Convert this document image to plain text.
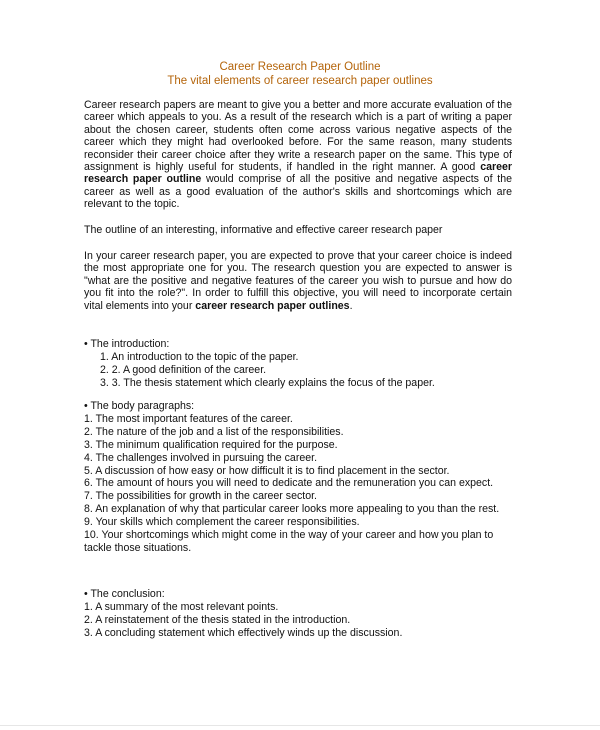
Career Research Paper Outline
The vital elements of career research paper outlines

Career research papers are meant to give you a better and more accurate evaluation of the career which appeals to you. As a result of the research which is a part of writing a paper about the chosen career, students often come across various negative aspects of the career which they might had overlooked before. For the same reason, many students reconsider their career choice after they write a research paper on the same. This type of assignment is highly useful for students, if handled in the right manner. A good career research paper outline would comprise of all the positive and negative aspects of the career as well as a good evaluation of the author's skills and shortcomings which are relevant to the topic.

The outline of an interesting, informative and effective career research paper

In your career research paper, you are expected to prove that your career choice is indeed the most appropriate one for you. The research question you are expected to answer is "what are the positive and negative features of the career you wish to pursue and how do you fit into the role?". In order to fulfill this objective, you will need to incorporate certain vital elements into your career research paper outlines.

• The introduction:
1. An introduction to the topic of the paper.
2. 2. A good definition of the career.
3. 3. The thesis statement which clearly explains the focus of the paper.
• The body paragraphs:
1. The most important features of the career.
2. The nature of the job and a list of the responsibilities.
3. The minimum qualification required for the purpose.
4. The challenges involved in pursuing the career.
5. A discussion of how easy or how difficult it is to find placement in the sector.
6. The amount of hours you will need to dedicate and the remuneration you can expect.
7. The possibilities for growth in the career sector.
8. An explanation of why that particular career looks more appealing to you than the rest.
9. Your skills which complement the career responsibilities.
10. Your shortcomings which might come in the way of your career and how you plan to tackle those situations.
• The conclusion:
1. A summary of the most relevant points.
2. A reinstatement of the thesis stated in the introduction.
3. A concluding statement which effectively winds up the discussion.
